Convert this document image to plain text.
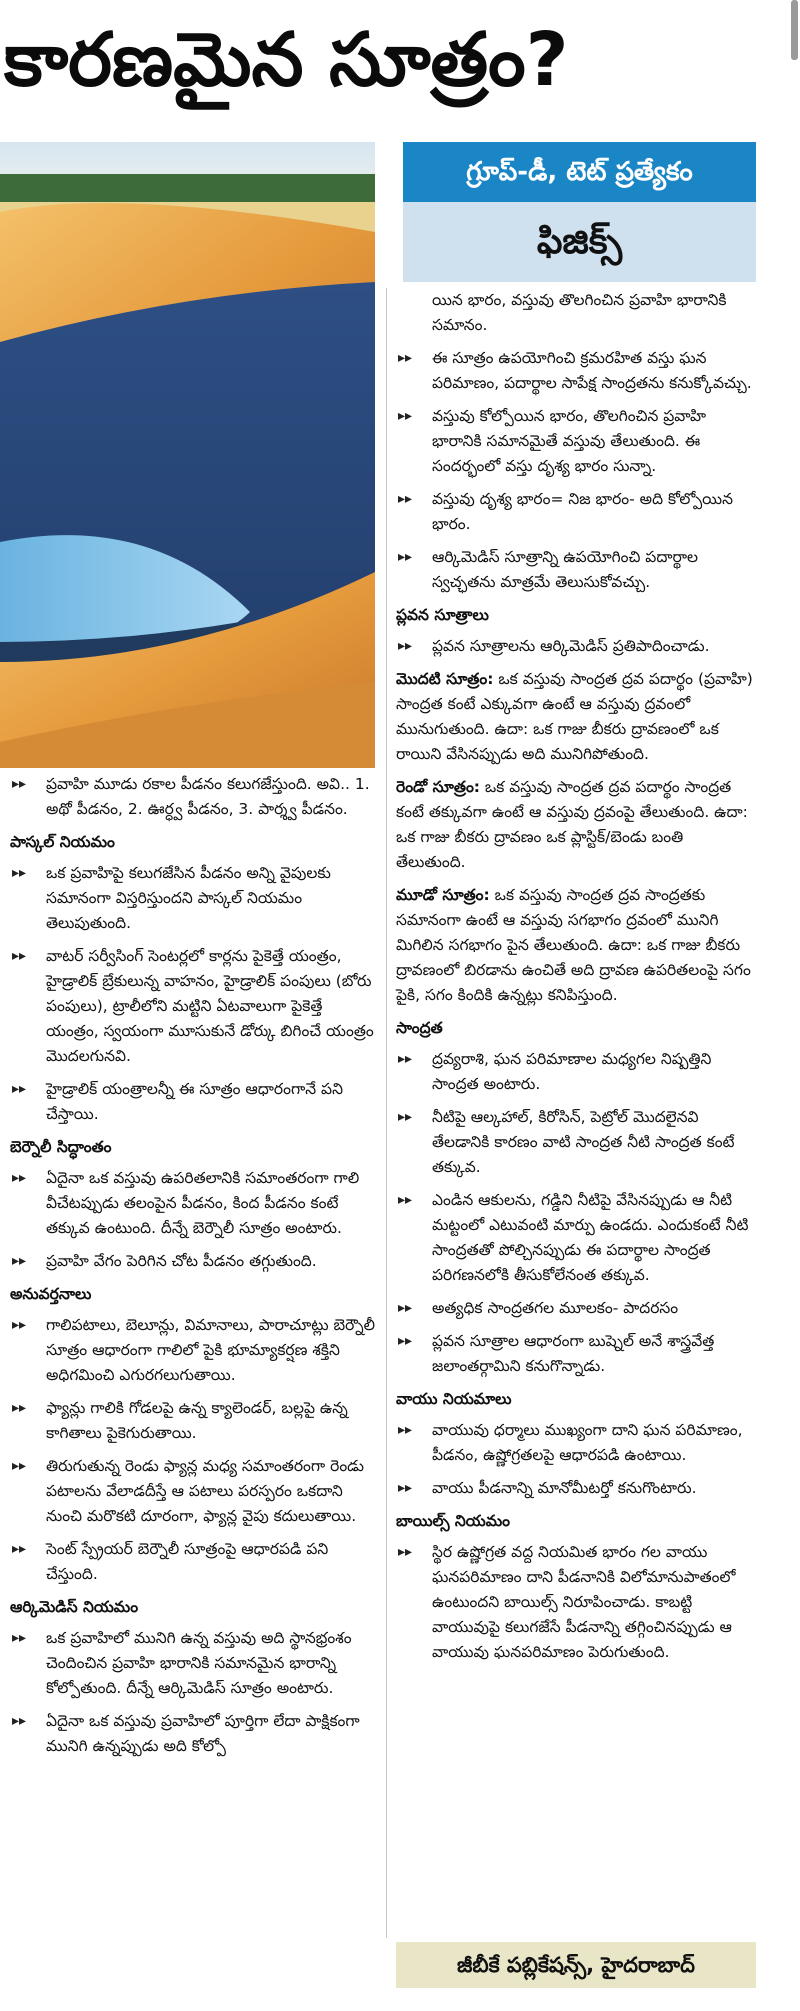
కారణమైన సూత్రం?
గ్రూప్-డీ, టెట్ ప్రత్యేకం
ఫిజిక్స్
▸▸ ప్రవాహి మూడు రకాల పీడనం కలుగజేస్తుంది. అవి.. 1. అథో పీడనం, 2. ఊర్ధ్వ పీడనం, 3. పార్శ్వ పీడనం.
పాస్కల్ నియమం
▸▸ ఒక ప్రవాహిపై కలుగజేసిన పీడనం అన్ని వైపులకు సమానంగా విస్తరిస్తుందని పాస్కల్ నియమం తెలుపుతుంది.
▸▸ వాటర్ సర్వీసింగ్ సెంటర్లలో కార్లను పైకెత్తే యంత్రం, హైడ్రాలిక్ బ్రేకులున్న వాహనం, హైడ్రాలిక్ పంపులు (బోరు పంపులు), ట్రాలీలోని మట్టిని ఏటవాలుగా పైకెత్తే యంత్రం, స్వయంగా మూసుకునే డోర్కు బిగించే యంత్రం మొదలగునవి.
▸▸ హైడ్రాలిక్ యంత్రాలన్నీ ఈ సూత్రం ఆధారంగానే పని చేస్తాయి.
బెర్నౌలీ సిద్ధాంతం
▸▸ ఏదైనా ఒక వస్తువు ఉపరితలానికి సమాంతరంగా గాలి వీచేటప్పుడు తలంపైన పీడనం, కింద పీడనం కంటే తక్కువ ఉంటుంది. దీన్నే బెర్నౌలీ సూత్రం అంటారు.
▸▸ ప్రవాహి వేగం పెరిగిన చోట పీడనం తగ్గుతుంది.
అనువర్తనాలు
▸▸ గాలిపటాలు, బెలూన్లు, విమానాలు, పారాచూట్లు బెర్నౌలీ సూత్రం ఆధారంగా గాలిలో పైకి భూమ్యాకర్షణ శక్తిని అధిగమించి ఎగురగలుగుతాయి.
▸▸ ఫ్యాన్లు గాలికి గోడలపై ఉన్న క్యాలెండర్, బల్లపై ఉన్న కాగితాలు పైకెగురుతాయి.
▸▸ తిరుగుతున్న రెండు ఫ్యాన్ల మధ్య సమాంతరంగా రెండు పటాలను వేలాడదీస్తే ఆ పటాలు పరస్పరం ఒకదాని నుంచి మరొకటి దూరంగా, ఫ్యాన్ల వైపు కదులుతాయి.
▸▸ సెంట్ స్ప్రేయర్ బెర్నౌలీ సూత్రంపై ఆధారపడి పని చేస్తుంది.
ఆర్కిమెడిస్ నియమం
▸▸ ఒక ప్రవాహిలో మునిగి ఉన్న వస్తువు అది స్థానభ్రంశం చెందించిన ప్రవాహి భారానికి సమానమైన భారాన్ని కోల్పోతుంది. దీన్నే ఆర్కిమెడిస్ సూత్రం అంటారు.
▸▸ ఏదైనా ఒక వస్తువు ప్రవాహిలో పూర్తిగా లేదా పాక్షికంగా మునిగి ఉన్నప్పుడు అది కోల్పో
యిన భారం, వస్తువు తొలగించిన ప్రవాహి భారానికి సమానం.
▸▸ ఈ సూత్రం ఉపయోగించి క్రమరహిత వస్తు ఘన పరిమాణం, పదార్థాల సాపేక్ష సాంద్రతను కనుక్కోవచ్చు.
▸▸ వస్తువు కోల్పోయిన భారం, తొలగించిన ప్రవాహి భారానికి సమానమైతే వస్తువు తేలుతుంది. ఈ సందర్భంలో వస్తు దృశ్య భారం సున్నా.
▸▸ వస్తువు దృశ్య భారం= నిజ భారం- అది కోల్పోయిన భారం.
▸▸ ఆర్కిమెడిస్ సూత్రాన్ని ఉపయోగించి పదార్థాల స్వచ్ఛతను మాత్రమే తెలుసుకోవచ్చు.
ప్లవన సూత్రాలు
▸▸ ప్లవన సూత్రాలను ఆర్కిమెడిస్ ప్రతిపాదించాడు.
మొదటి సూత్రం: ఒక వస్తువు సాంద్రత ద్రవ పదార్థం (ప్రవాహి) సాంద్రత కంటే ఎక్కువగా ఉంటే ఆ వస్తువు ద్రవంలో మునుగుతుంది. ఉదా: ఒక గాజు బీకరు ద్రావణంలో ఒక రాయిని వేసినప్పుడు అది మునిగిపోతుంది.
రెండో సూత్రం: ఒక వస్తువు సాంద్రత ద్రవ పదార్థం సాంద్రత కంటే తక్కువగా ఉంటే ఆ వస్తువు ద్రవంపై తేలుతుంది. ఉదా: ఒక గాజు బీకరు ద్రావణం ఒక ప్లాస్టిక్/బెండు బంతి తేలుతుంది.
మూడో సూత్రం: ఒక వస్తువు సాంద్రత ద్రవ సాంద్రతకు సమానంగా ఉంటే ఆ వస్తువు సగభాగం ద్రవంలో మునిగి మిగిలిన సగభాగం పైన తేలుతుంది. ఉదా: ఒక గాజు బీకరు ద్రావణంలో బిరడాను ఉంచితే అది ద్రావణ ఉపరితలంపై సగం పైకి, సగం కిందికి ఉన్నట్లు కనిపిస్తుంది.
సాంద్రత
▸▸ ద్రవ్యరాశి, ఘన పరిమాణాల మధ్యగల నిష్పత్తిని సాంద్రత అంటారు.
▸▸ నీటిపై ఆల్కహాల్, కిరోసిన్, పెట్రోల్ మొదలైనవి తేలడానికి కారణం వాటి సాంద్రత నీటి సాంద్రత కంటే తక్కువ.
▸▸ ఎండిన ఆకులను, గడ్డిని నీటిపై వేసినప్పుడు ఆ నీటి మట్టంలో ఎటువంటి మార్పు ఉండదు. ఎందుకంటే నీటి సాంద్రతతో పోల్చినప్పుడు ఈ పదార్థాల సాంద్రత పరిగణనలోకి తీసుకోలేనంత తక్కువ.
▸▸ అత్యధిక సాంద్రతగల మూలకం- పాదరసం
▸▸ ప్లవన సూత్రాల ఆధారంగా బుష్నెల్ అనే శాస్త్రవేత్త జలాంతర్గామిని కనుగొన్నాడు.
వాయు నియమాలు
▸▸ వాయువు ధర్మాలు ముఖ్యంగా దాని ఘన పరిమాణం, పీడనం, ఉష్ణోగ్రతలపై ఆధారపడి ఉంటాయి.
▸▸ వాయు పీడనాన్ని మానోమీటర్తో కనుగొంటారు.
బాయిల్స్ నియమం
▸▸ స్థిర ఉష్ణోగ్రత వద్ద నియమిత భారం గల వాయు ఘనపరిమాణం దాని పీడనానికి విలోమానుపాతంలో ఉంటుందని బాయిల్స్ నిరూపించాడు. కాబట్టి వాయువుపై కలుగజేసే పీడనాన్ని తగ్గించినప్పుడు ఆ వాయువు ఘనపరిమాణం పెరుగుతుంది.
జీబీకే పబ్లికేషన్స్, హైదరాబాద్
